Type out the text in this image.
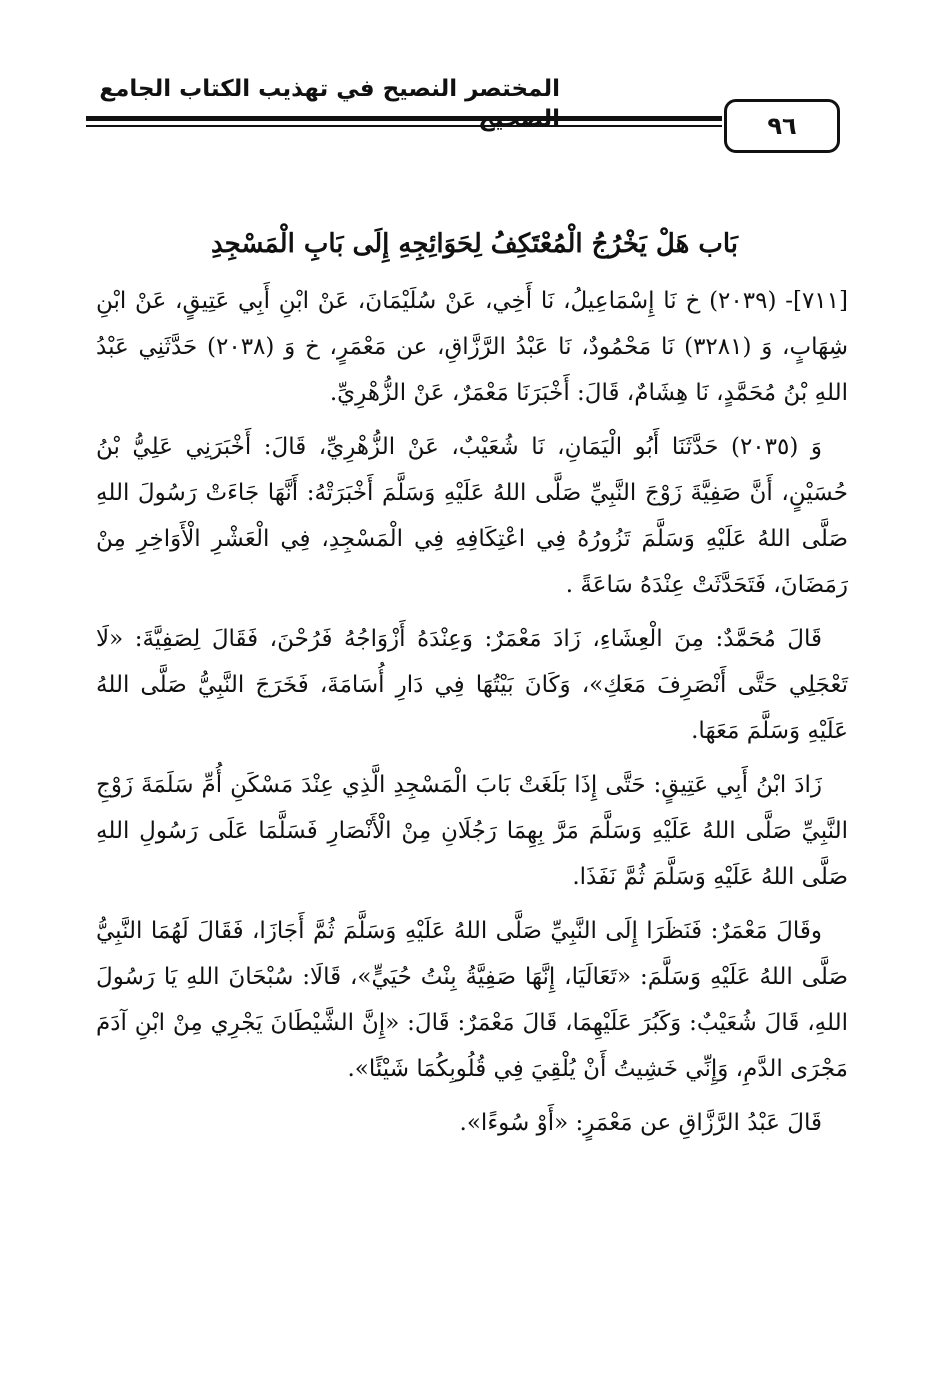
المختصر النصيح في تهذيب الكتاب الجامع
٩٦
بَاب هَلْ يَخْرُجُ الْمُعْتَكِفُ لِحَوَائِجِهِ إِلَى بَابِ الْمَسْجِدِ

[٧١١]- (٢٠٣٩) خ نَا إِسْمَاعِيلُ، نَا أَخِي، عَنْ سُلَيْمَانَ، عَنْ ابْنِ أَبِي عَتِيقٍ، عَنْ ابْنِ شِهَابٍ، وَ (٣٢٨١) نَا مَحْمُودٌ، نَا عَبْدُ الرَّزَّاقِ، عن مَعْمَرٍ، خ وَ (٢٠٣٨) حَدَّثَنِي عَبْدُ اللهِ بْنُ مُحَمَّدٍ، نَا هِشَامٌ، قَالَ: أَخْبَرَنَا مَعْمَرٌ، عَنْ الزُّهْرِيِّ.

وَ (٢٠٣٥) حَدَّثَنَا أَبُو الْيَمَانِ، نَا شُعَيْبٌ، عَنْ الزُّهْرِيِّ، قَالَ: أَخْبَرَنِي عَلِيُّ بْنُ حُسَيْنٍ، أَنَّ صَفِيَّةَ زَوْجَ النَّبِيِّ صَلَّى اللهُ عَلَيْهِ وَسَلَّمَ أَخْبَرَتْهُ: أَنَّهَا جَاءَتْ رَسُولَ اللهِ صَلَّى اللهُ عَلَيْهِ وَسَلَّمَ تَزُورُهُ فِي اعْتِكَافِهِ فِي الْمَسْجِدِ، فِي الْعَشْرِ الْأَوَاخِرِ مِنْ رَمَضَانَ، فَتَحَدَّثَتْ عِنْدَهُ سَاعَةً .

قَالَ مُحَمَّدٌ: مِنَ الْعِشَاءِ، زَادَ مَعْمَرٌ: وَعِنْدَهُ أَزْوَاجُهُ فَرُحْنَ، فَقَالَ لِصَفِيَّةَ: «لَا تَعْجَلِي حَتَّى أَنْصَرِفَ مَعَكِ»، وَكَانَ بَيْتُهَا فِي دَارِ أُسَامَةَ، فَخَرَجَ النَّبِيُّ صَلَّى اللهُ عَلَيْهِ وَسَلَّمَ مَعَهَا.

زَادَ ابْنُ أَبِي عَتِيقٍ: حَتَّى إِذَا بَلَغَتْ بَابَ الْمَسْجِدِ الَّذِي عِنْدَ مَسْكَنِ أُمِّ سَلَمَةَ زَوْجِ النَّبِيِّ صَلَّى اللهُ عَلَيْهِ وَسَلَّمَ مَرَّ بِهِمَا رَجُلَانِ مِنْ الْأَنْصَارِ فَسَلَّمَا عَلَى رَسُولِ اللهِ صَلَّى اللهُ عَلَيْهِ وَسَلَّمَ ثُمَّ نَفَذَا.

وقَالَ مَعْمَرٌ: فَنَظَرَا إِلَى النَّبِيِّ صَلَّى اللهُ عَلَيْهِ وَسَلَّمَ ثُمَّ أَجَازَا، فَقَالَ لَهُمَا النَّبِيُّ صَلَّى اللهُ عَلَيْهِ وَسَلَّمَ: «تَعَالَيَا، إِنَّهَا صَفِيَّةُ بِنْتُ حُيَيٍّ»، قَالَا: سُبْحَانَ اللهِ يَا رَسُولَ اللهِ، قَالَ شُعَيْبٌ: وَكَبُرَ عَلَيْهِمَا، قَالَ مَعْمَرٌ: قَالَ: «إِنَّ الشَّيْطَانَ يَجْرِي مِنْ ابْنِ آدَمَ مَجْرَى الدَّمِ، وَإِنِّي خَشِيتُ أَنْ يُلْقِيَ فِي قُلُوبِكُمَا شَيْئًا».

قَالَ عَبْدُ الرَّزَّاقِ عن مَعْمَرٍ: «أَوْ سُوءًا».
